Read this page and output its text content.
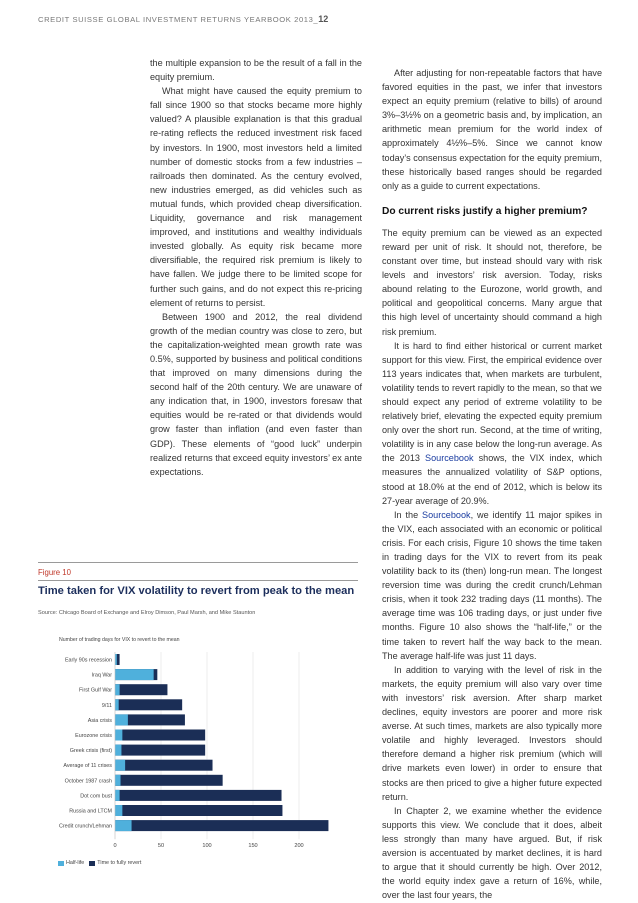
CREDIT SUISSE GLOBAL INVESTMENT RETURNS YEARBOOK 2013_12

the multiple expansion to be the result of a fall in the equity premium.

What might have caused the equity premium to fall since 1900 so that stocks became more highly valued? A plausible explanation is that this gradual re-rating reflects the reduced investment risk faced by investors. In 1900, most investors held a limited number of domestic stocks from a few industries – railroads then dominated. As the century evolved, new industries emerged, as did vehicles such as mutual funds, which provided cheap diversification. Liquidity, governance and risk management improved, and institutions and wealthy individuals invested globally. As equity risk became more diversifiable, the required risk premium is likely to have fallen. We judge there to be limited scope for further such gains, and do not expect this re-pricing element of returns to persist.

Between 1900 and 2012, the real dividend growth of the median country was close to zero, but the capitalization-weighted mean growth rate was 0.5%, supported by business and political conditions that improved on many dimensions during the second half of the 20th century. We are unaware of any indication that, in 1900, investors foresaw that equities would be re-rated or that dividends would grow faster than inflation (and even faster than GDP). These elements of “good luck” underpin realized returns that exceed equity investors’ ex ante expectations.

After adjusting for non-repeatable factors that have favored equities in the past, we infer that investors expect an equity premium (relative to bills) of around 3%–3½% on a geometric basis and, by implication, an arithmetic mean premium for the world index of approximately 4½%–5%. Since we cannot know today’s consensus expectation for the equity premium, these historically based ranges should be regarded only as a guide to current expectations.

Do current risks justify a higher premium?

The equity premium can be viewed as an expected reward per unit of risk. It should not, therefore, be constant over time, but instead should vary with risk levels and investors’ risk aversion. Today, risks abound relating to the Eurozone, world growth, and political and geopolitical concerns. Many argue that this high level of uncertainty should command a high risk premium.

It is hard to find either historical or current market support for this view. First, the empirical evidence over 113 years indicates that, when markets are turbulent, volatility tends to revert rapidly to the mean, so that we should expect any period of extreme volatility to be relatively brief, elevating the expected equity premium only over the short run. Second, at the time of writing, volatility is in any case below the long-run average. As the 2013 Sourcebook shows, the VIX index, which measures the annualized volatility of S&P options, stood at 18.0% at the end of 2012, which is below its 27-year average of 20.9%.

In the Sourcebook, we identify 11 major spikes in the VIX, each associated with an economic or political crisis. For each crisis, Figure 10 shows the time taken in trading days for the VIX to revert from its peak volatility back to its (then) long-run mean. The longest reversion time was during the credit crunch/Lehman crisis, when it took 232 trading days (11 months). The average time was 106 trading days, or just under five months. Figure 10 also shows the “half-life,” or the time taken to revert half the way back to the mean. The average half-life was just 11 days.

In addition to varying with the level of risk in the markets, the equity premium will also vary over time with investors’ risk aversion. After sharp market declines, equity investors are poorer and more risk averse. At such times, markets are also typically more volatile and highly leveraged. Investors should therefore demand a higher risk premium (which will drive markets even lower) in order to ensure that stocks are then priced to give a higher future expected return.

In Chapter 2, we examine whether the evidence supports this view. We conclude that it does, albeit less strongly than many have argued. But, if risk aversion is accentuated by market declines, it is hard to argue that it should currently be high. Over 2012, the world equity index gave a return of 16%, while, over the last four years, the

Figure 10
Time taken for VIX volatility to revert from peak to the mean
Source: Chicago Board of Exchange and Elroy Dimson, Paul Marsh, and Mike Staunton
Number of trading days for VIX to revert to the mean
0	50	100	150	200
Early 90s recession
Iraq War
First Gulf War
9/11
Asia crisis
Eurozone crisis
Greek crisis (first)
Average of 11 crises
October 1987 crash
Dot com bust
Russia and LTCM
Credit crunch/Lehman
Half-life Time to fully revert
